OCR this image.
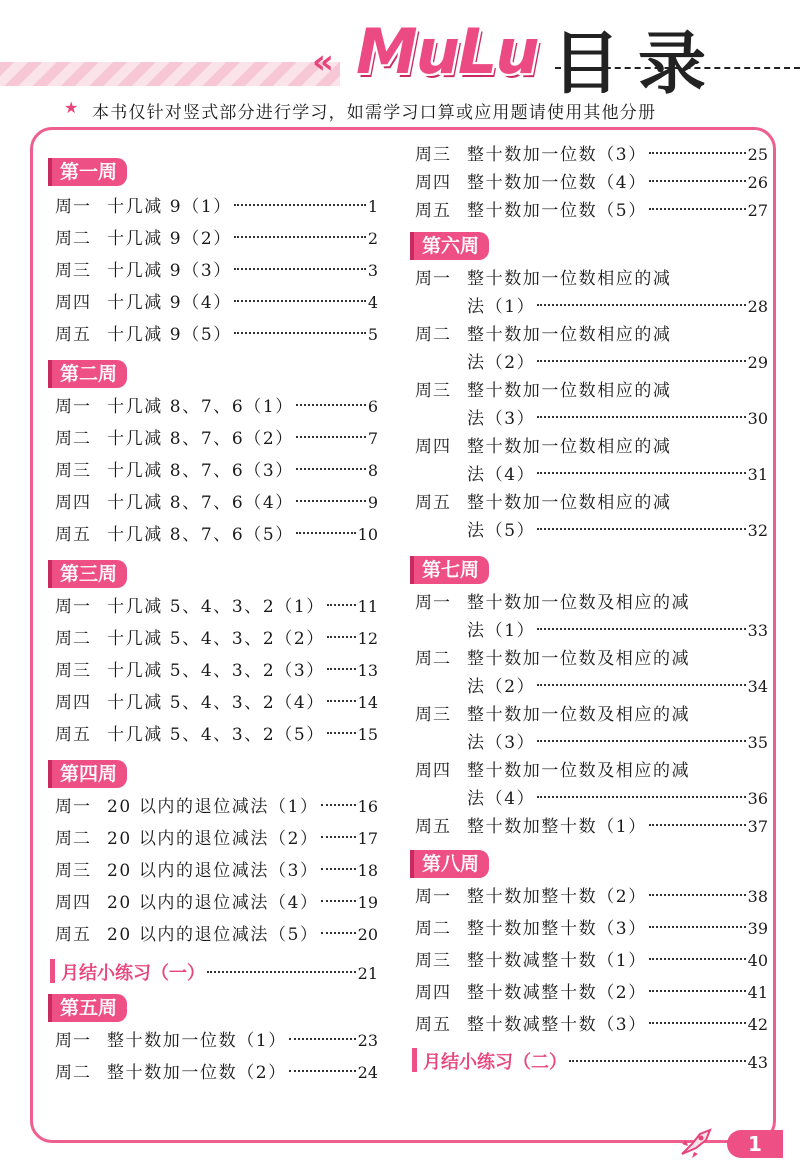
« MuLu 目录
★ 本书仅针对竖式部分进行学习，如需学习口算或应用题请使用其他分册
第一周
周一 十几减 9（1）	1
周二 十几减 9（2）	2
周三 十几减 9（3）	3
周四 十几减 9（4）	4
周五 十几减 9（5）	5
第二周
周一 十几减 8、7、6（1）	6
周二 十几减 8、7、6（2）	7
周三 十几减 8、7、6（3）	8
周四 十几减 8、7、6（4）	9
周五 十几减 8、7、6（5）	10
第三周
周一 十几减 5、4、3、2（1） 11
周二 十几减 5、4、3、2（2） 12
周三 十几减 5、4、3、2（3） 13
周四 十几减 5、4、3、2（4） 14
周五 十几减 5、4、3、2（5） 15
第四周
周一 20 以内的退位减法（1） 16
周二 20 以内的退位减法（2） 17
周三 20 以内的退位减法（3） 18
周四 20 以内的退位减法（4） 19
周五 20 以内的退位减法（5） 20
月结小练习（一）	21
第五周
周一 整十数加一位数（1）	23
周二 整十数加一位数（2）	24
周三 整十数加一位数（3）	25
周四 整十数加一位数（4）	26
周五 整十数加一位数（5）	27
第六周
周一 整十数加一位数相应的减
法（1）	28
周二 整十数加一位数相应的减
法（2）	29
周三 整十数加一位数相应的减
法（3）	30
周四 整十数加一位数相应的减
法（4）	31
周五 整十数加一位数相应的减
法（5）	32
第七周
周一 整十数加一位数及相应的减
法（1）	33
周二 整十数加一位数及相应的减
法（2）	34
周三 整十数加一位数及相应的减
法（3）	35
周四 整十数加一位数及相应的减
法（4）	36
周五 整十数加整十数（1）	37
第八周
周一 整十数加整十数（2）	38
周二 整十数加整十数（3）	39
周三 整十数减整十数（1）	40
周四 整十数减整十数（2）	41
周五 整十数减整十数（3）	42
月结小练习（二）	43
1
